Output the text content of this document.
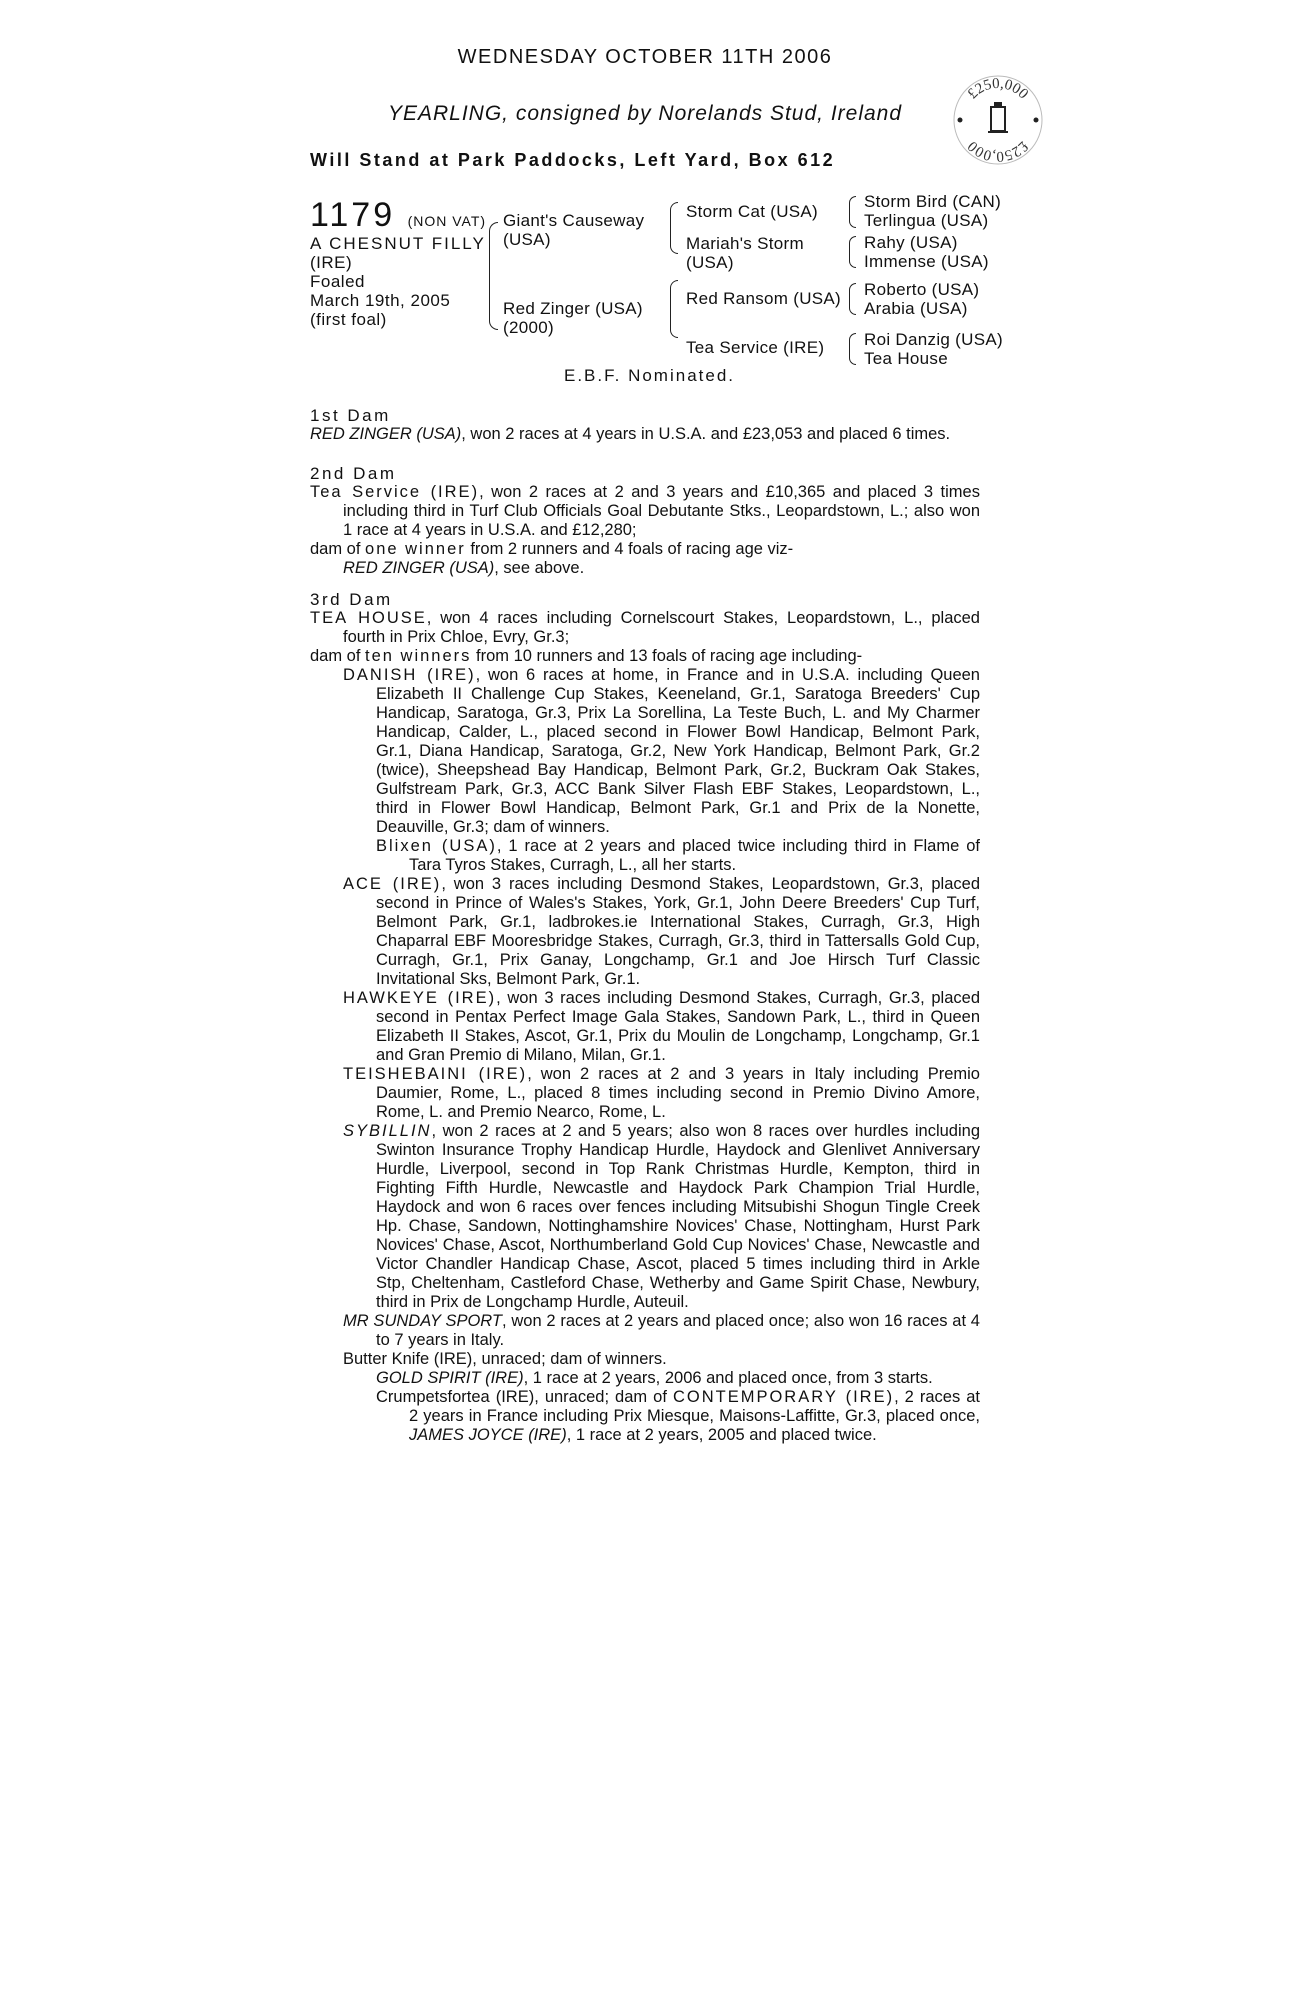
WEDNESDAY OCTOBER 11TH 2006
YEARLING, consigned by Norelands Stud, Ireland
Will Stand at Park Paddocks, Left Yard, Box 612
£250,000
£250,000
1179 (NON VAT)
A CHESNUT FILLY
(IRE)
Foaled
March 19th, 2005
(first foal)
Giant's Causeway
(USA)
Red Zinger (USA)
(2000)
Storm Cat (USA)
Mariah's Storm
(USA)
Red Ransom (USA)
Tea Service (IRE)
Storm Bird (CAN)
Terlingua (USA)
Rahy (USA)
Immense (USA)
Roberto (USA)
Arabia (USA)
Roi Danzig (USA)
Tea House
E.B.F. Nominated.
1st Dam

RED ZINGER (USA), won 2 races at 4 years in U.S.A. and £23,053 and placed 6 times.

2nd Dam

Tea Service (IRE), won 2 races at 2 and 3 years and £10,365 and placed 3 times including third in Turf Club Officials Goal Debutante Stks., Leopardstown, L.; also won 1 race at 4 years in U.S.A. and £12,280;

dam of one winner from 2 runners and 4 foals of racing age viz-

RED ZINGER (USA), see above.

3rd Dam

TEA HOUSE, won 4 races including Cornelscourt Stakes, Leopardstown, L., placed fourth in Prix Chloe, Evry, Gr.3;

dam of ten winners from 10 runners and 13 foals of racing age including-

DANISH (IRE), won 6 races at home, in France and in U.S.A. including Queen Elizabeth II Challenge Cup Stakes, Keeneland, Gr.1, Saratoga Breeders' Cup Handicap, Saratoga, Gr.3, Prix La Sorellina, La Teste Buch, L. and My Charmer Handicap, Calder, L., placed second in Flower Bowl Handicap, Belmont Park, Gr.1, Diana Handicap, Saratoga, Gr.2, New York Handicap, Belmont Park, Gr.2 (twice), Sheepshead Bay Handicap, Belmont Park, Gr.2, Buckram Oak Stakes, Gulfstream Park, Gr.3, ACC Bank Silver Flash EBF Stakes, Leopardstown, L., third in Flower Bowl Handicap, Belmont Park, Gr.1 and Prix de la Nonette, Deauville, Gr.3; dam of winners.

Blixen (USA), 1 race at 2 years and placed twice including third in Flame of Tara Tyros Stakes, Curragh, L., all her starts.

ACE (IRE), won 3 races including Desmond Stakes, Leopardstown, Gr.3, placed second in Prince of Wales's Stakes, York, Gr.1, John Deere Breeders' Cup Turf, Belmont Park, Gr.1, ladbrokes.ie International Stakes, Curragh, Gr.3, High Chaparral EBF Mooresbridge Stakes, Curragh, Gr.3, third in Tattersalls Gold Cup, Curragh, Gr.1, Prix Ganay, Longchamp, Gr.1 and Joe Hirsch Turf Classic Invitational Sks, Belmont Park, Gr.1.

HAWKEYE (IRE), won 3 races including Desmond Stakes, Curragh, Gr.3, placed second in Pentax Perfect Image Gala Stakes, Sandown Park, L., third in Queen Elizabeth II Stakes, Ascot, Gr.1, Prix du Moulin de Longchamp, Longchamp, Gr.1 and Gran Premio di Milano, Milan, Gr.1.

TEISHEBAINI (IRE), won 2 races at 2 and 3 years in Italy including Premio Daumier, Rome, L., placed 8 times including second in Premio Divino Amore, Rome, L. and Premio Nearco, Rome, L.

SYBILLIN, won 2 races at 2 and 5 years; also won 8 races over hurdles including Swinton Insurance Trophy Handicap Hurdle, Haydock and Glenlivet Anniversary Hurdle, Liverpool, second in Top Rank Christmas Hurdle, Kempton, third in Fighting Fifth Hurdle, Newcastle and Haydock Park Champion Trial Hurdle, Haydock and won 6 races over fences including Mitsubishi Shogun Tingle Creek Hp. Chase, Sandown, Nottinghamshire Novices' Chase, Nottingham, Hurst Park Novices' Chase, Ascot, Northumberland Gold Cup Novices' Chase, Newcastle and Victor Chandler Handicap Chase, Ascot, placed 5 times including third in Arkle Stp, Cheltenham, Castleford Chase, Wetherby and Game Spirit Chase, Newbury, third in Prix de Longchamp Hurdle, Auteuil.

MR SUNDAY SPORT, won 2 races at 2 years and placed once; also won 16 races at 4 to 7 years in Italy.

Butter Knife (IRE), unraced; dam of winners.

GOLD SPIRIT (IRE), 1 race at 2 years, 2006 and placed once, from 3 starts.

Crumpetsfortea (IRE), unraced; dam of CONTEMPORARY (IRE), 2 races at 2 years in France including Prix Miesque, Maisons-Laffitte, Gr.3, placed once, JAMES JOYCE (IRE), 1 race at 2 years, 2005 and placed twice.
